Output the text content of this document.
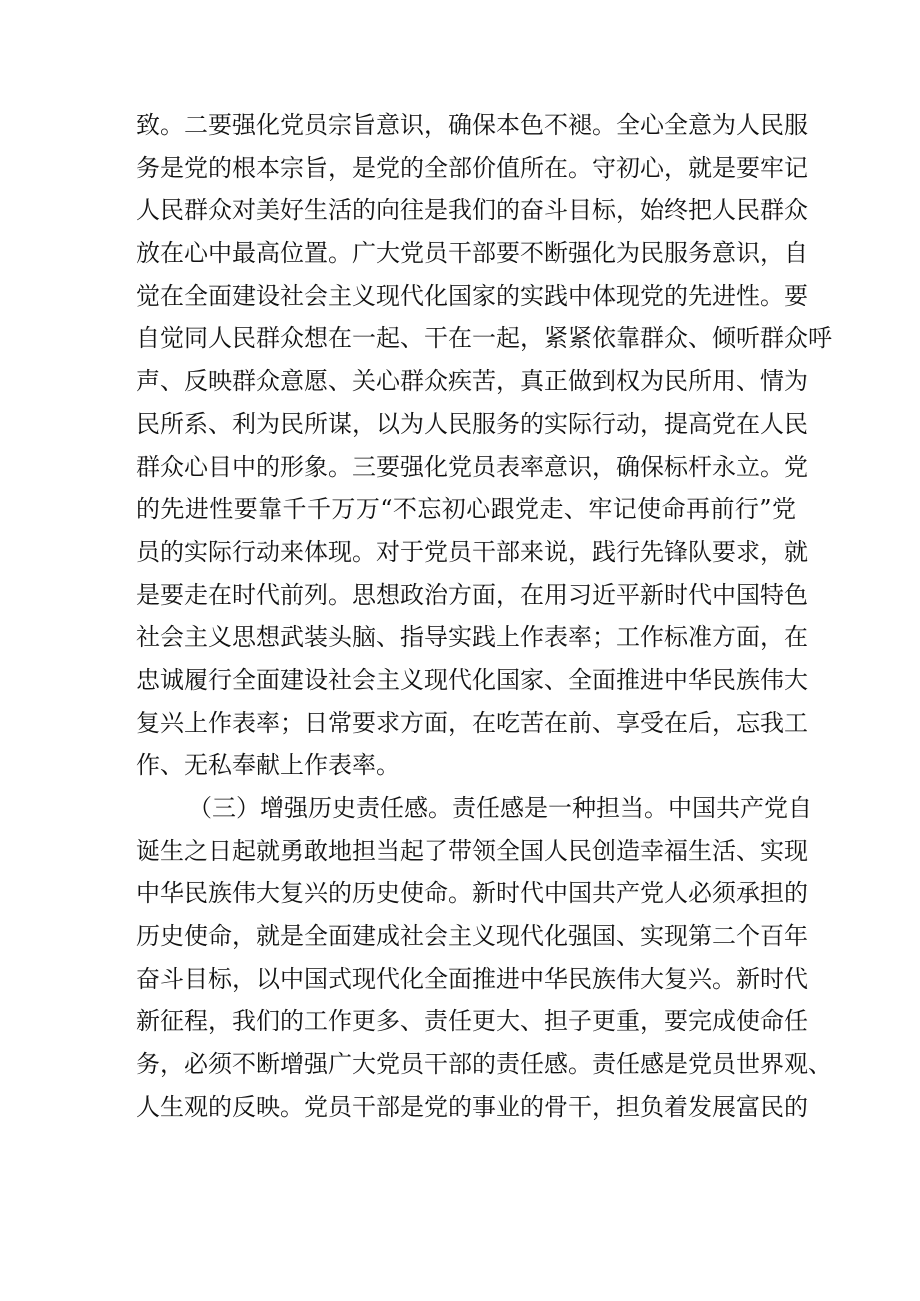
致。二要强化党员宗旨意识，确保本色不褪。全心全意为人民服
务是党的根本宗旨，是党的全部价值所在。守初心，就是要牢记
人民群众对美好生活的向往是我们的奋斗目标，始终把人民群众
放在心中最高位置。广大党员干部要不断强化为民服务意识，自
觉在全面建设社会主义现代化国家的实践中体现党的先进性。要
自觉同人民群众想在一起、干在一起，紧紧依靠群众、倾听群众呼
声、反映群众意愿、关心群众疾苦，真正做到权为民所用、情为
民所系、利为民所谋，以为人民服务的实际行动，提高党在人民
群众心目中的形象。三要强化党员表率意识，确保标杆永立。党
的先进性要靠千千万万“不忘初心跟党走、牢记使命再前行”党
员的实际行动来体现。对于党员干部来说，践行先锋队要求，就
是要走在时代前列。思想政治方面，在用习近平新时代中国特色
社会主义思想武装头脑、指导实践上作表率；工作标准方面，在
忠诚履行全面建设社会主义现代化国家、全面推进中华民族伟大
复兴上作表率；日常要求方面，在吃苦在前、享受在后，忘我工
作、无私奉献上作表率。
（三）增强历史责任感。责任感是一种担当。中国共产党自
诞生之日起就勇敢地担当起了带领全国人民创造幸福生活、实现
中华民族伟大复兴的历史使命。新时代中国共产党人必须承担的
历史使命，就是全面建成社会主义现代化强国、实现第二个百年
奋斗目标，以中国式现代化全面推进中华民族伟大复兴。新时代
新征程，我们的工作更多、责任更大、担子更重，要完成使命任
务，必须不断增强广大党员干部的责任感。责任感是党员世界观、
人生观的反映。党员干部是党的事业的骨干，担负着发展富民的
